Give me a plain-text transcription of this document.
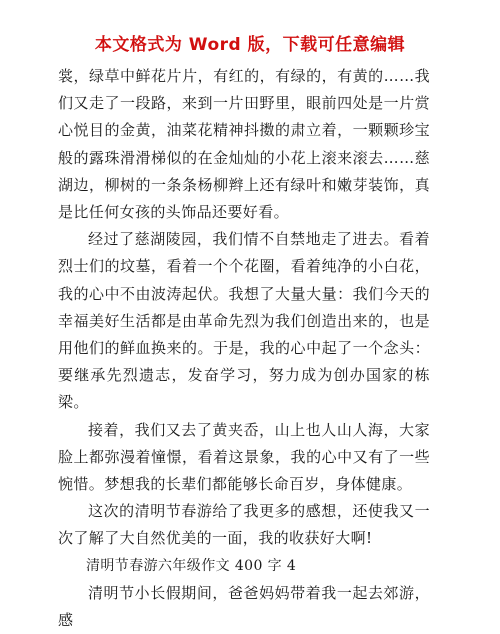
本文格式为 Word 版，下载可任意编辑

裳，绿草中鲜花片片，有红的，有绿的，有黄的……我们又走了一段路，来到一片田野里，眼前四处是一片赏心悦目的金黄，油菜花精神抖擞的肃立着，一颗颗珍宝般的露珠滑滑梯似的在金灿灿的小花上滚来滚去……慈湖边，柳树的一条条杨柳辫上还有绿叶和嫩芽装饰，真是比任何女孩的头饰品还要好看。

经过了慈湖陵园，我们情不自禁地走了进去。看着烈士们的坟墓，看着一个个花圈，看着纯净的小白花，我的心中不由波涛起伏。我想了大量大量：我们今天的幸福美好生活都是由革命先烈为我们创造出来的，也是用他们的鲜血换来的。于是，我的心中起了一个念头：要继承先烈遗志，发奋学习，努力成为创办国家的栋梁。

接着，我们又去了黄夹岙，山上也人山人海，大家脸上都弥漫着憧憬，看着这景象，我的心中又有了一些惋惜。梦想我的长辈们都能够长命百岁，身体健康。

这次的清明节春游给了我更多的感想，还使我又一次了解了大自然优美的一面，我的收获好大啊!

清明节春游六年级作文 400 字 4

清明节小长假期间，爸爸妈妈带着我一起去郊游，感
